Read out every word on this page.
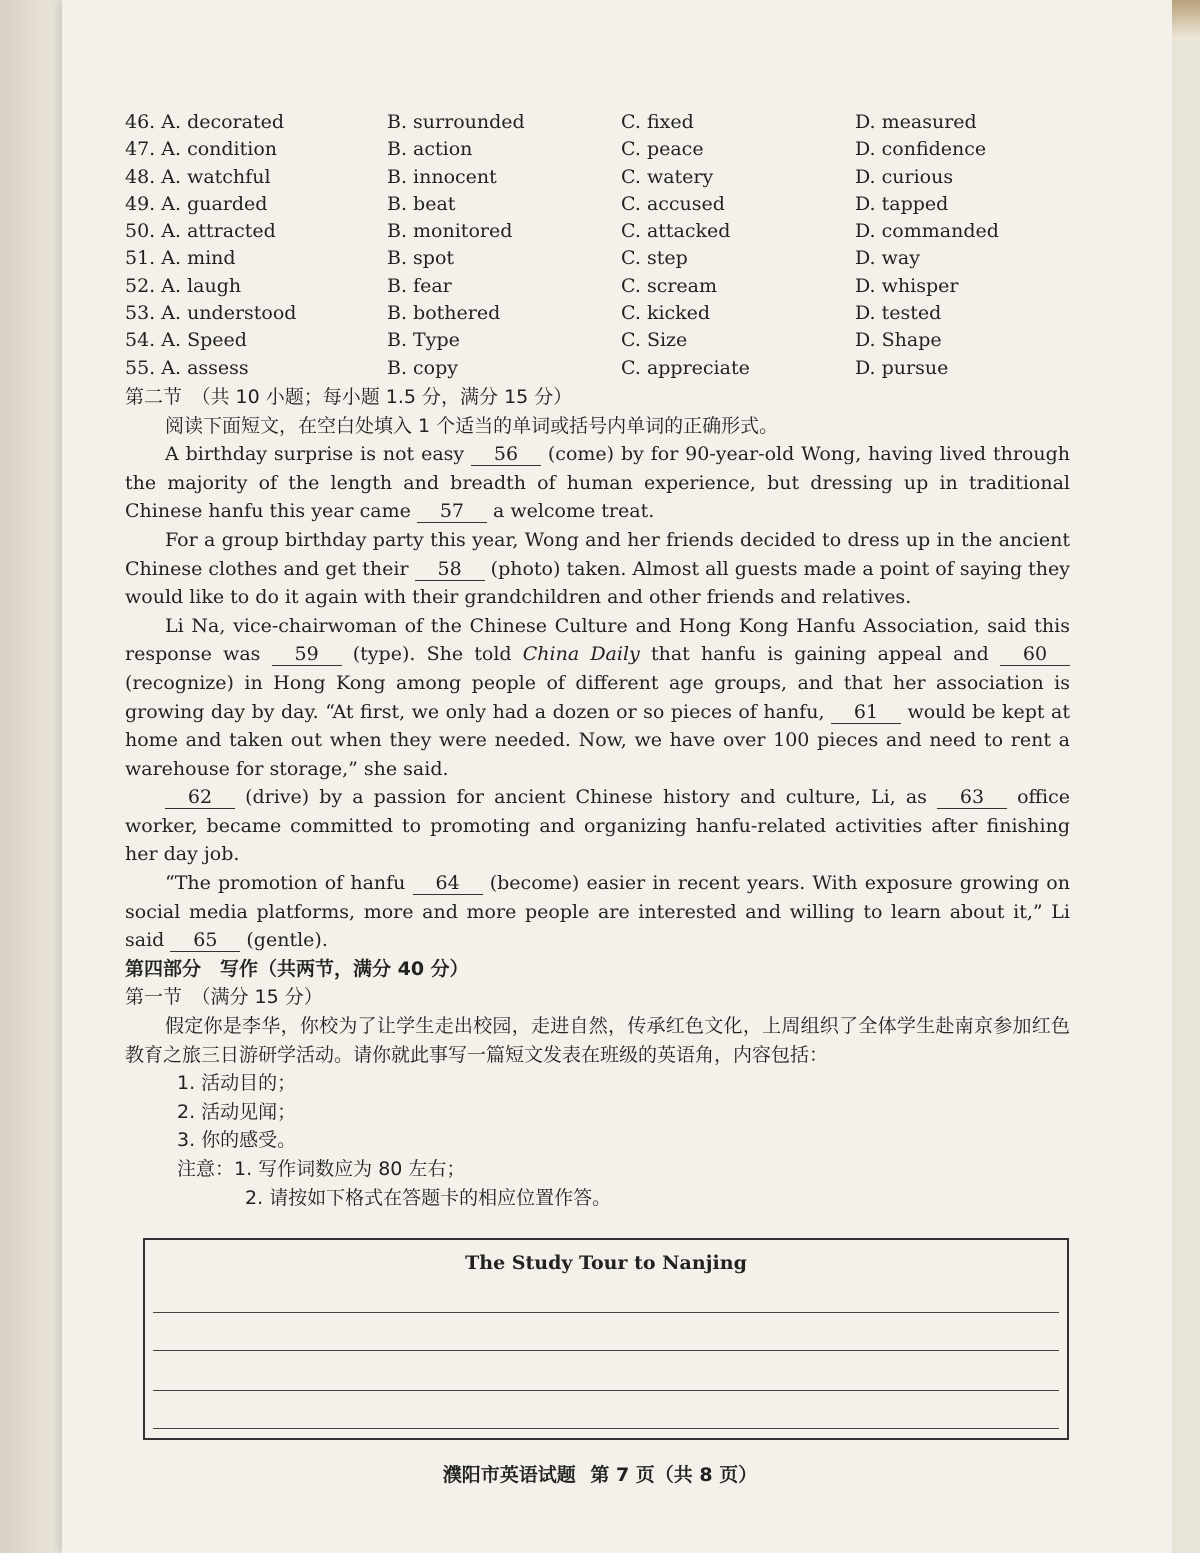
46. A. decorated	B. surrounded	C. fixed	D. measured
47. A. condition	B. action	C. peace	D. confidence
48. A. watchful	B. innocent	C. watery	D. curious
49. A. guarded	B. beat	C. accused	D. tapped
50. A. attracted	B. monitored	C. attacked	D. commanded
51. A. mind	B. spot	C. step	D. way
52. A. laugh	B. fear	C. scream	D. whisper
53. A. understood	B. bothered	C. kicked	D. tested
54. A. Speed	B. Type	C. Size	D. Shape
55. A. assess	B. copy	C. appreciate	D. pursue

第二节　（共 10 小题；每小题 1.5 分，满分 15 分）

阅读下面短文，在空白处填入 1 个适当的单词或括号内单词的正确形式。

A birthday surprise is not easy 56 (come) by for 90-year-old Wong, having lived through the majority of the length and breadth of human experience, but dressing up in traditional Chinese hanfu this year came 57 a welcome treat.

For a group birthday party this year, Wong and her friends decided to dress up in the ancient Chinese clothes and get their 58 (photo) taken. Almost all guests made a point of saying they would like to do it again with their grandchildren and other friends and relatives.

Li Na, vice-chairwoman of the Chinese Culture and Hong Kong Hanfu Association, said this response was 59 (type). She told China Daily that hanfu is gaining appeal and 60 (recognize) in Hong Kong among people of different age groups, and that her association is growing day by day. “At first, we only had a dozen or so pieces of hanfu, 61 would be kept at home and taken out when they were needed. Now, we have over 100 pieces and need to rent a warehouse for storage,” she said.

62 (drive) by a passion for ancient Chinese history and culture, Li, as 63 office worker, became committed to promoting and organizing hanfu-related activities after finishing her day job.

“The promotion of hanfu 64 (become) easier in recent years. With exposure growing on social media platforms, more and more people are interested and willing to learn about it,” Li said 65 (gentle).

第四部分　写作（共两节，满分 40 分）

第一节　（满分 15 分）

假定你是李华，你校为了让学生走出校园，走进自然，传承红色文化，上周组织了全体学生赴南京参加红色教育之旅三日游研学活动。请你就此事写一篇短文发表在班级的英语角，内容包括：

1. 活动目的；

2. 活动见闻；

3. 你的感受。

注意：1. 写作词数应为 80 左右；

2. 请按如下格式在答题卡的相应位置作答。

The Study Tour to Nanjing
濮阳市英语试题 第 7 页（共 8 页）
